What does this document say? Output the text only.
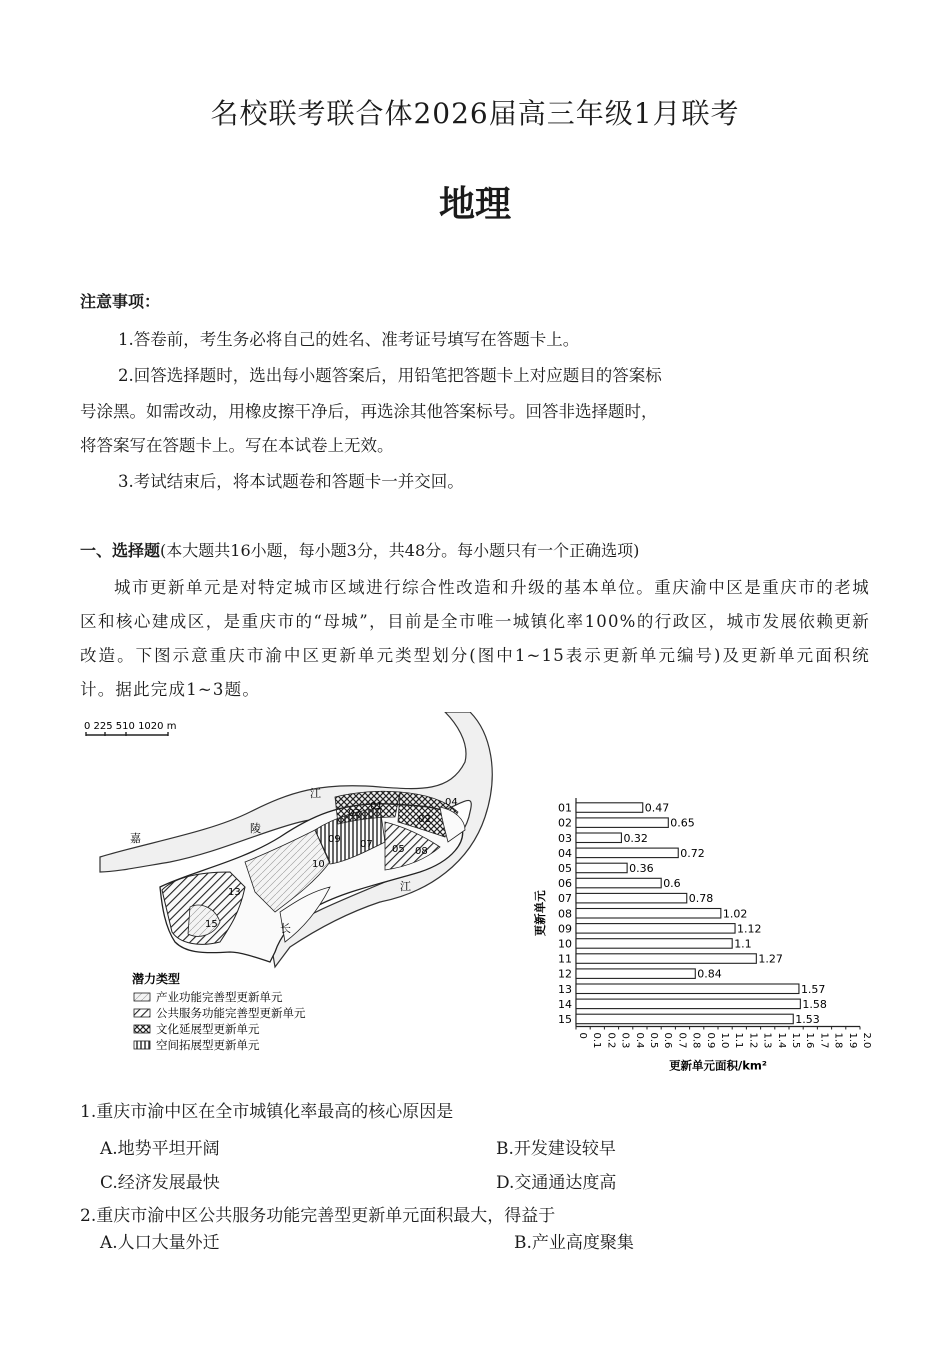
名校联考联合体2026届高三年级1月联考
地理
注意事项：
1.答卷前，考生务必将自己的姓名、准考证号填写在答题卡上。
2.回答选择题时，选出每小题答案后，用铅笔把答题卡上对应题目的答案标
号涂黑。如需改动，用橡皮擦干净后，再选涂其他答案标号。回答非选择题时，
将答案写在答题卡上。写在本试卷上无效。
3.考试结束后，将本试题卷和答题卡一并交回。
一、选择题(本大题共16小题，每小题3分，共48分。每小题只有一个正确选项)
城市更新单元是对特定城市区域进行综合性改造和升级的基本单位。重庆渝中区是重庆市的老城区和核心建成区，是重庆市的“母城”，目前是全市唯一城镇化率100%的行政区，城市发展依赖更新改造。下图示意重庆市渝中区更新单元类型划分(图中1~15表示更新单元编号)及更新单元面积统计。据此完成1~3题。
0 225 510 1020 m
01
02
03
04
05
07
08
09
10
13
15
嘉
陵
江
长
江
潜力类型
产业功能完善型更新单元
公共服务功能完善型更新单元
文化延展型更新单元
空间拓展型更新单元
01	0.47
02	0.65
03	0.32
04	0.72
05	0.36
06	0.6
07	0.78
08	1.02
09	1.12
10	1.1
11	1.27
12	0.84
13	1.57
14	1.58
15	1.53
0 0.1 0.2 0.3 0.4 0.5 0.6 0.7 0.8 0.9 1.0 1.1 1.2 1.3 1.4 1.5 1.6 1.7 1.8 1.9 2.0
更新单元面积/km²
更新单元
1.重庆市渝中区在全市城镇化率最高的核心原因是
A.地势平坦开阔	B.开发建设较早
C.经济发展最快	D.交通通达度高
2.重庆市渝中区公共服务功能完善型更新单元面积最大，得益于
A.人口大量外迁	B.产业高度聚集
